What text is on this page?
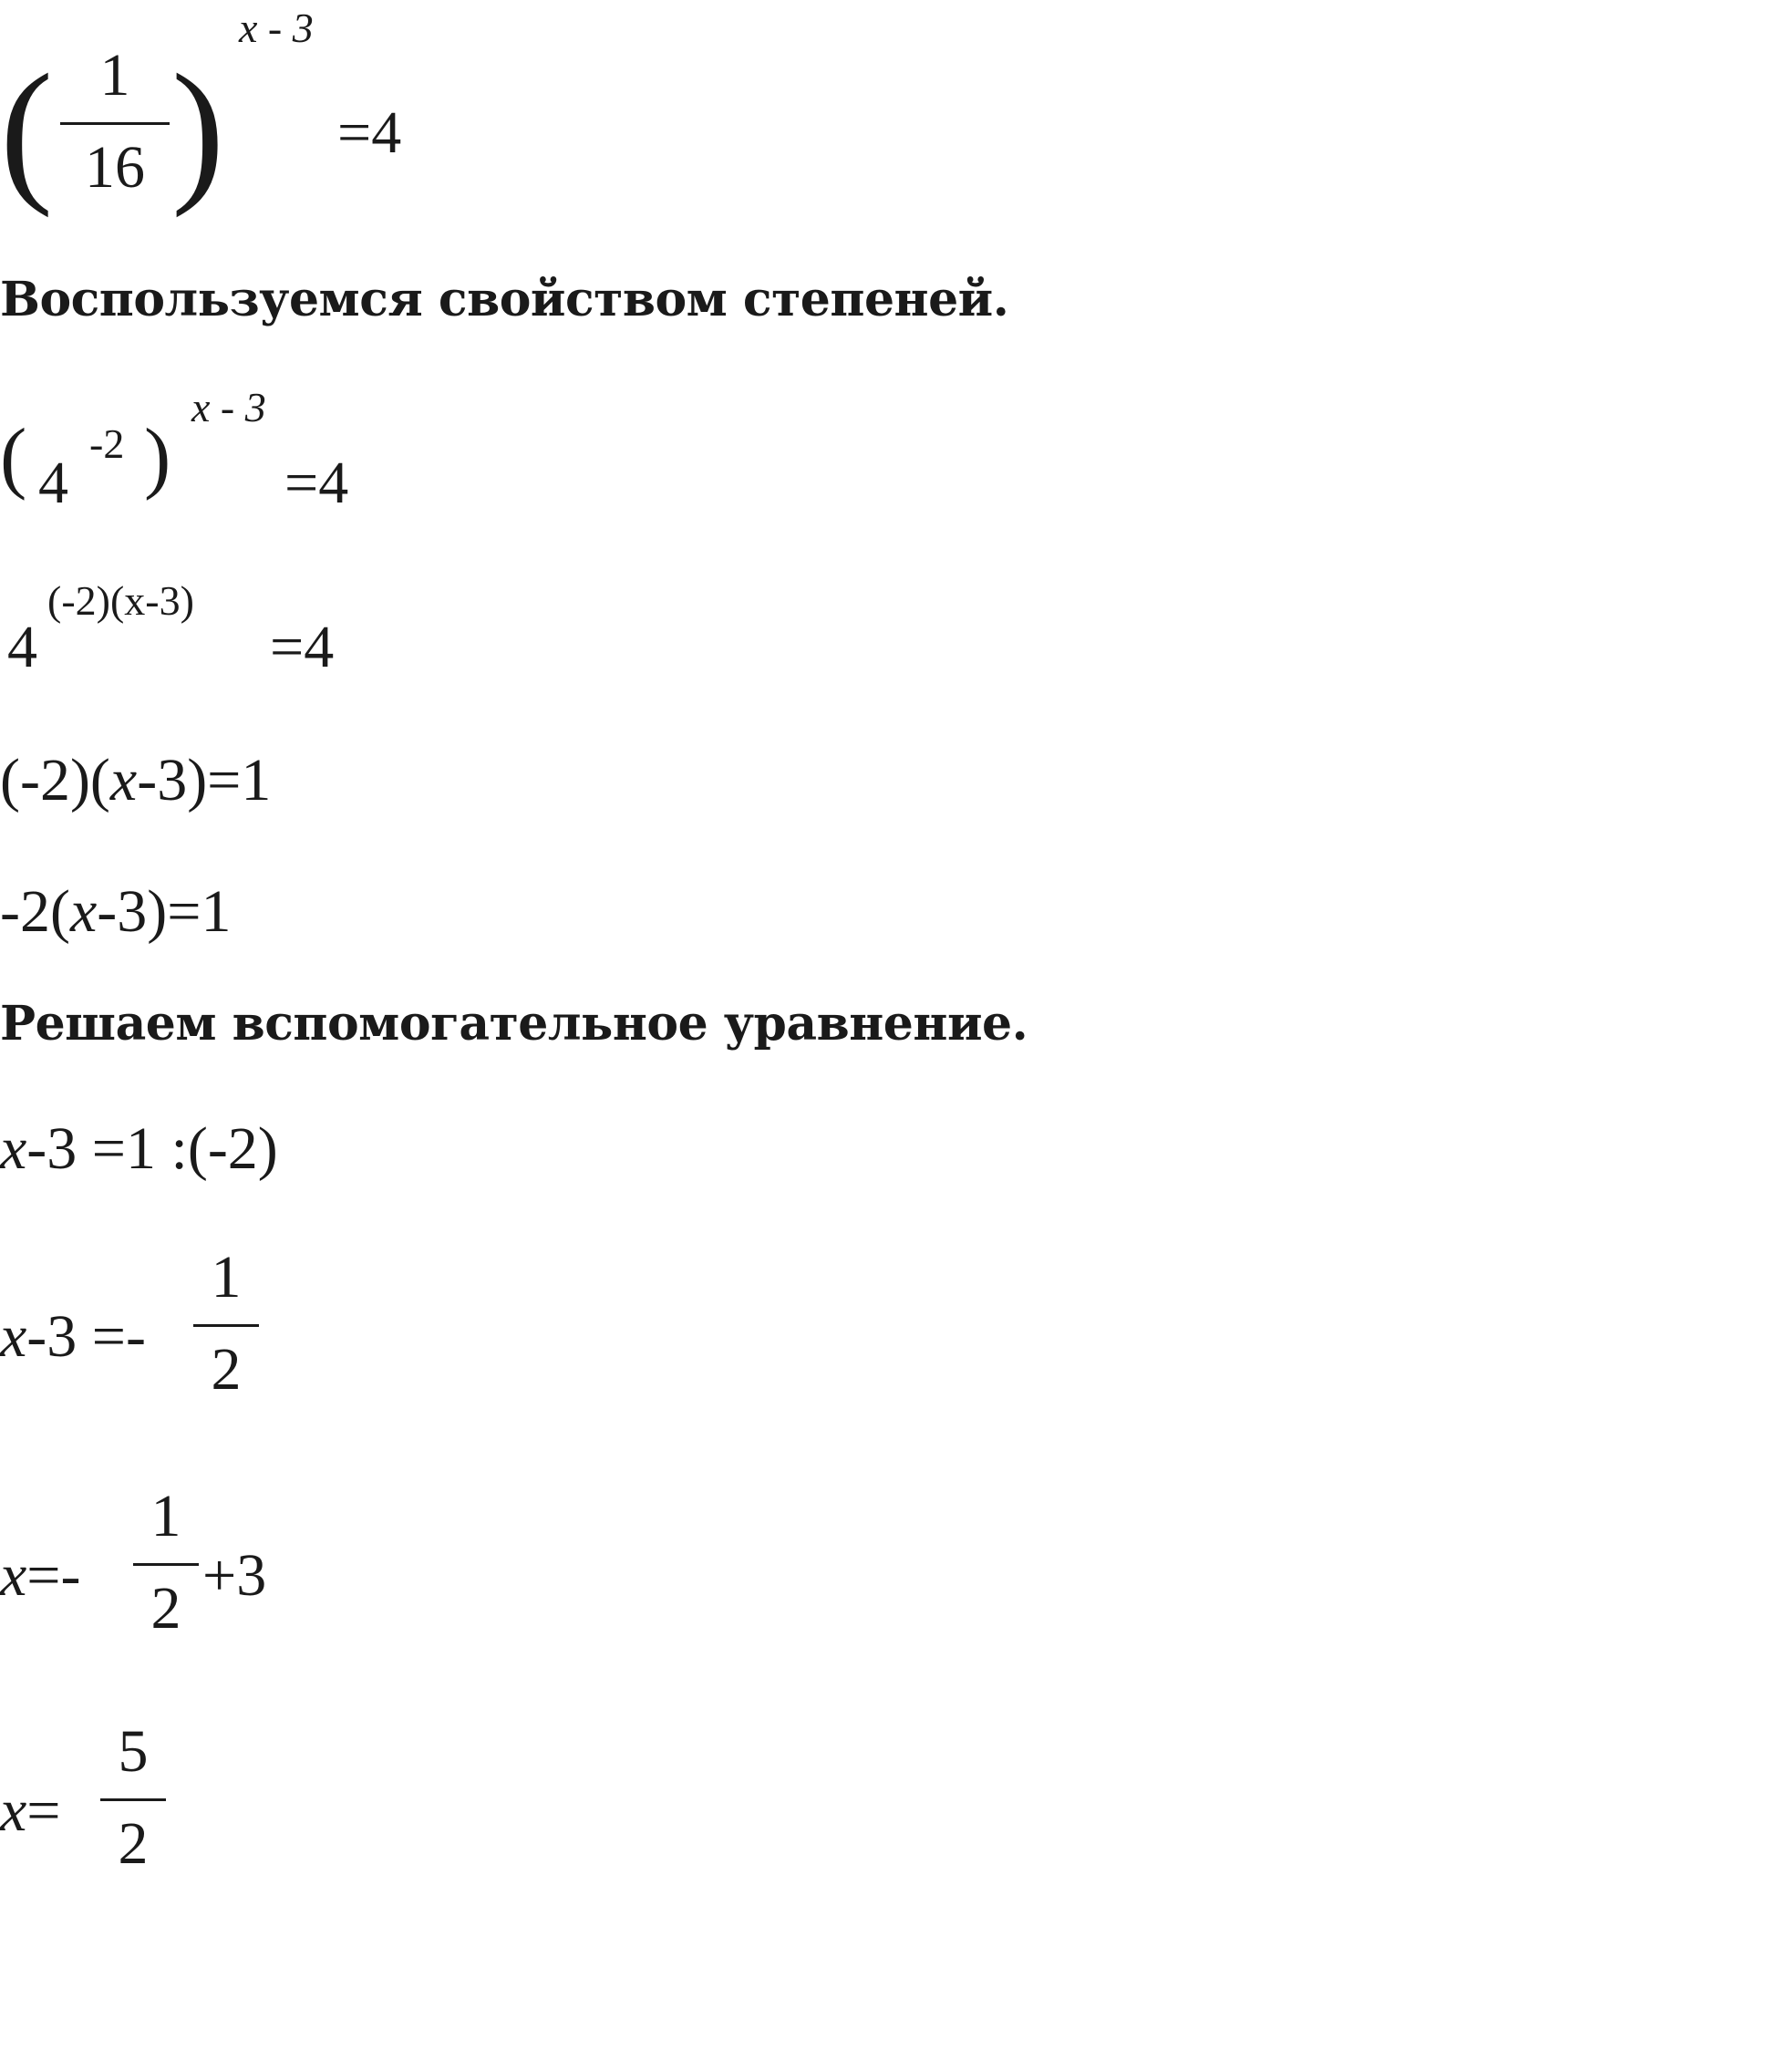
( 1
16 )
x - 3
=4
Воспользуемся свойством степеней.
( 4
-2 )
x - 3
=4
4
(-2)(x-3)
=4
(-2)(x-3)=1
-2(x-3)=1
Решаем вспомогательное уравнение.
x-3 =1 :(-2)
x-3 =-
1
2
x=-
1
2 +3
x=
5
2
